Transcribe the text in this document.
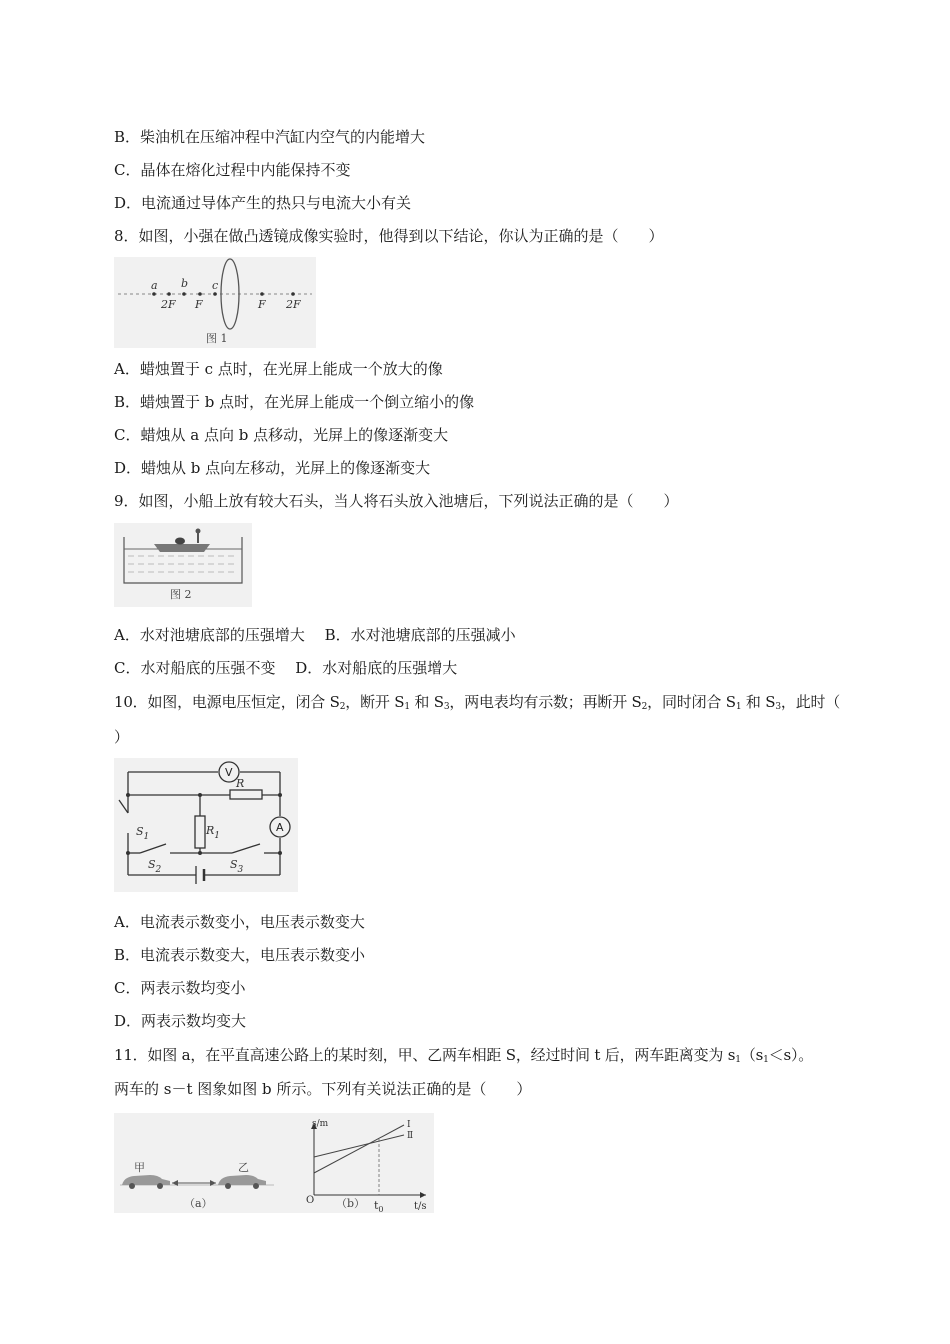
B．柴油机在压缩冲程中汽缸内空气的内能增大
C．晶体在熔化过程中内能保持不变
D．电流通过导体产生的热只与电流大小有关
8．如图，小强在做凸透镜成像实验时，他得到以下结论，你认为正确的是（　　）
a b c
2F F	F 2F
图 1
A．蜡烛置于 c 点时，在光屏上能成一个放大的像
B．蜡烛置于 b 点时，在光屏上能成一个倒立缩小的像
C．蜡烛从 a 点向 b 点移动，光屏上的像逐渐变大
D．蜡烛从 b 点向左移动，光屏上的像逐渐变大
9．如图，小船上放有较大石头，当人将石头放入池塘后，下列说法正确的是（　　）
图 2
A．水对池塘底部的压强增大　 B．水对池塘底部的压强减小
C．水对船底的压强不变　 D．水对船底的压强增大
10．如图，电源电压恒定，闭合 $S_2$，断开 $S_1$ 和 $S_3$，两电表均有示数；再断开 $S_2$，同时闭合 $S_1$ 和 $S_3$，此时（
）
V
A
R
$R_1$
$S_1$
$S_2$	$S_3$
A．电流表示数变小，电压表示数变大
B．电流表示数变大，电压表示数变小
C．两表示数均变小
D．两表示数均变大
11．如图 a，在平直高速公路上的某时刻，甲、乙两车相距 S，经过时间 t 后，两车距离变为 $s_1(s_1<s)$。
两车的 s－t 图象如图 b 所示。下列有关说法正确的是（　　）
甲	乙
（a）
s/m
t/s
O	$t_0$
Ⅰ
Ⅱ
（b）
